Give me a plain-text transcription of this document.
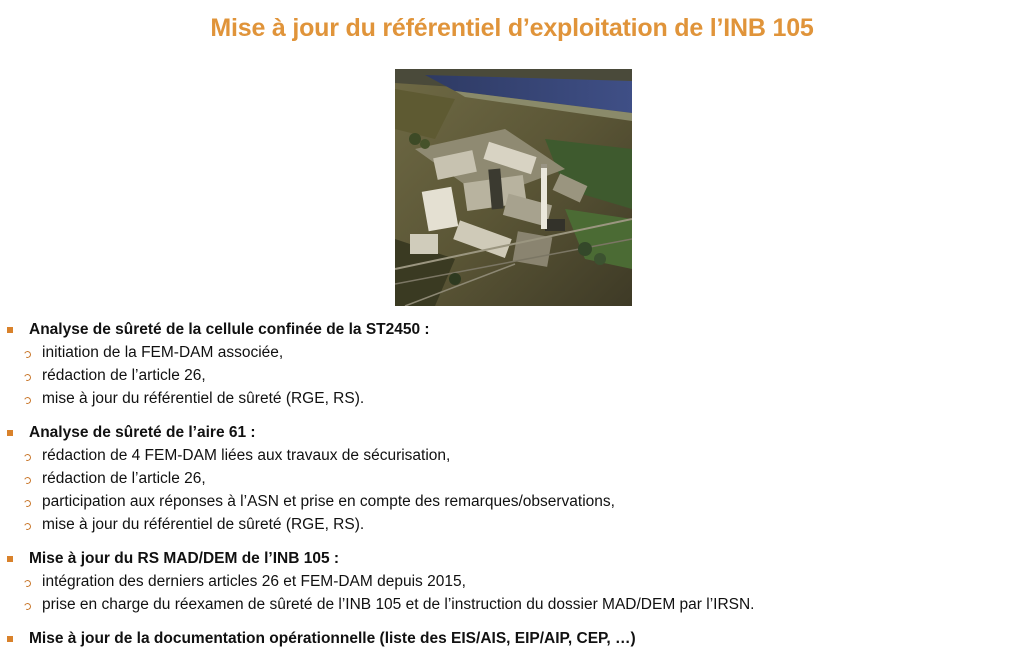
Mise à jour du référentiel d’exploitation de l’INB 105
Analyse de sûreté de la cellule confinée de la ST2450 :
initiation de la FEM-DAM associée,
rédaction de l’article 26,
mise à jour du référentiel de sûreté (RGE, RS).
Analyse de sûreté de l’aire 61 :
rédaction de 4 FEM-DAM liées aux travaux de sécurisation,
rédaction de l’article 26,
participation aux réponses à l’ASN et prise en compte des remarques/observations,
mise à jour du référentiel de sûreté (RGE, RS).
Mise à jour du RS MAD/DEM de l’INB 105 :
intégration des derniers articles 26 et FEM-DAM depuis 2015,
prise en charge du réexamen de sûreté de l’INB 105 et de l’instruction du dossier MAD/DEM par l’IRSN.
Mise à jour de la documentation opérationnelle (liste des EIS/AIS, EIP/AIP, CEP, …)
